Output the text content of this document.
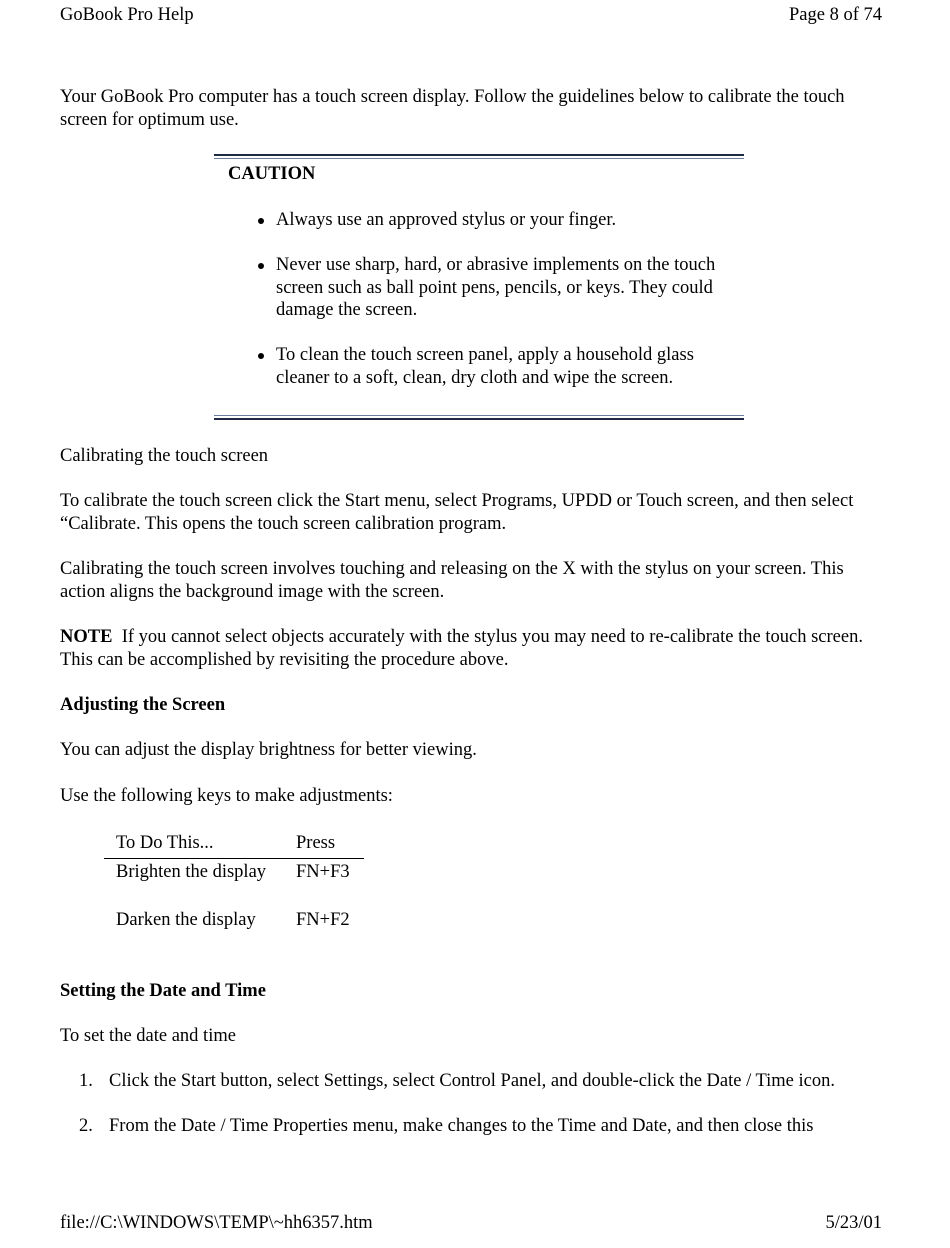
GoBook Pro Help	Page 8 of 74
Your GoBook Pro computer has a touch screen display. Follow the guidelines below to calibrate the touch screen for optimum use.
CAUTION
Always use an approved stylus or your finger.
Never use sharp, hard, or abrasive implements on the touch screen such as ball point pens, pencils, or keys. They could damage the screen.
To clean the touch screen panel, apply a household glass cleaner to a soft, clean, dry cloth and wipe the screen.
Calibrating the touch screen
To calibrate the touch screen click the Start menu, select Programs, UPDD or Touch screen, and then select “Calibrate. This opens the touch screen calibration program.
Calibrating the touch screen involves touching and releasing on the X with the stylus on your screen. This action aligns the background image with the screen.
NOTE  If you cannot select objects accurately with the stylus you may need to re-calibrate the touch screen.  This can be accomplished by revisiting the procedure above.
Adjusting the Screen
You can adjust the display brightness for better viewing.
Use the following keys to make adjustments:
To Do This...	Press
Brighten the display FN+F3
Darken the display FN+F2
Setting the Date and Time
To set the date and time
1. Click the Start button, select Settings, select Control Panel, and double-click the Date / Time icon.
2. From the Date / Time Properties menu, make changes to the Time and Date, and then close this
file://C:\WINDOWS\TEMP\~hh6357.htm	5/23/01
